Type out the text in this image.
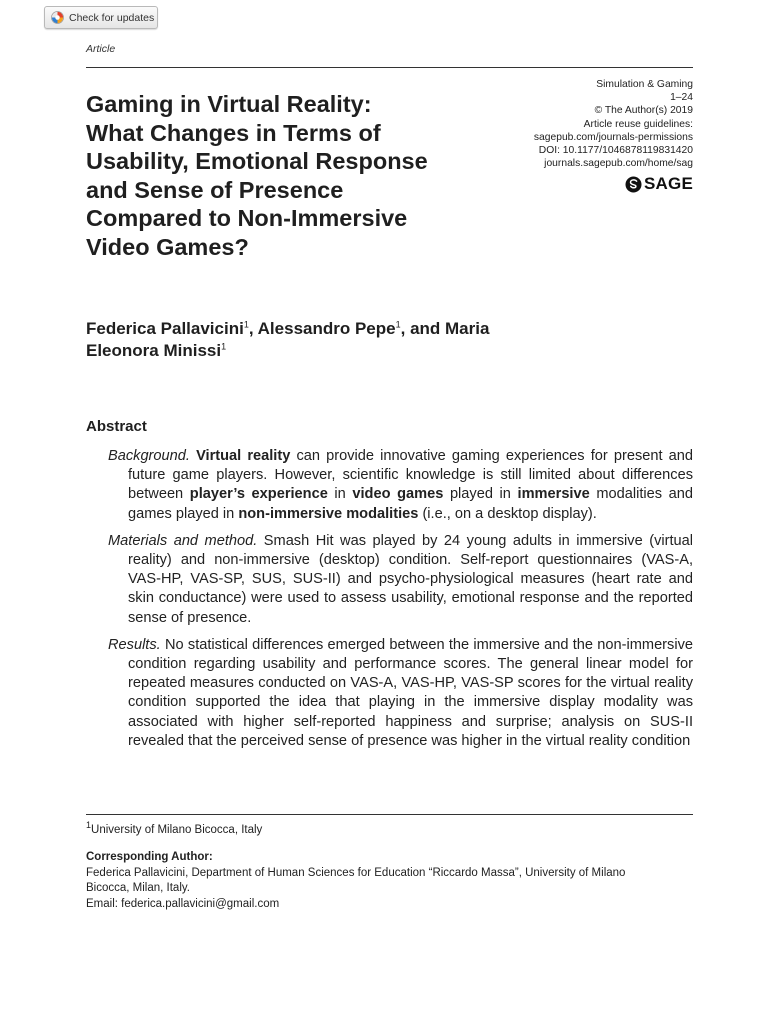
Check for updates
Article
Simulation & Gaming
1–24
© The Author(s) 2019
Article reuse guidelines:
sagepub.com/journals-permissions
DOI: 10.1177/1046878119831420
journals.sagepub.com/home/sag
SAGE
Gaming in Virtual Reality:
What Changes in Terms of
Usability, Emotional Response
and Sense of Presence
Compared to Non-Immersive
Video Games?
Federica Pallavicini$^1$, Alessandro Pepe$^1$, and Maria
Eleonora Minissi$^1$
Abstract

Background. Virtual reality can provide innovative gaming experiences for present and future game players. However, scientific knowledge is still limited about differences between player’s experience in video games played in immersive modalities and games played in non-immersive modalities (i.e., on a desktop display).

Materials and method. Smash Hit was played by 24 young adults in immersive (virtual reality) and non-immersive (desktop) condition. Self-report questionnaires (VAS-A, VAS-HP, VAS-SP, SUS, SUS-II) and psycho-physiological measures (heart rate and skin conductance) were used to assess usability, emotional response and the reported sense of presence.

Results. No statistical differences emerged between the immersive and the non-immersive condition regarding usability and performance scores. The general linear model for repeated measures conducted on VAS-A, VAS-HP, VAS-SP scores for the virtual reality condition supported the idea that playing in the immersive display modality was associated with higher self-reported happiness and surprise; analysis on SUS-II revealed that the perceived sense of presence was higher in the virtual reality condition

$^1$University of Milano Bicocca, Italy
Corresponding Author:
Federica Pallavicini, Department of Human Sciences for Education “Riccardo Massa”, University of Milano
Bicocca, Milan, Italy.
Email: federica.pallavicini@gmail.com
